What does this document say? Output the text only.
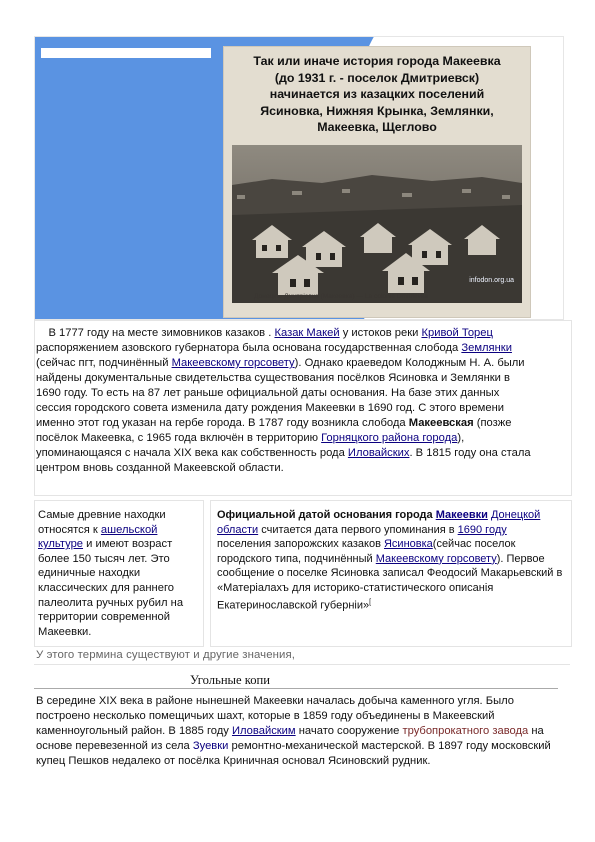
Так или иначе история города Макеевка
(до 1931 г. - поселок Дмитриевск)
начинается из казацких поселений
Ясиновка, Нижняя Крынка, Землянки,
Макеевка, Щеглово
infodon.org.ua
Донецкъ. Дмитріевка (Макеевка) — La colonie Dmitrievka
В 1777 году на месте зимовников казаков . Казак Макей у истоков реки Кривой Торец распоряжением азовского губернатора была основана государственная слобода Землянки (сейчас пгт, подчинённый Макеевскому горсовету). Однако краеведом Колоджным Н. А. были найдены документальные свидетельства существования посёлков Ясиновка и Землянки в 1690 году. То есть на 87 лет раньше официальной даты основания. На базе этих данных сессия городского совета изменила дату рождения Макеевки в 1690 год. С этого времени именно этот год указан на гербе города. В 1787 году возникла слобода Макеевская (позже посёлок Макеевка, с 1965 года включён в территорию Горняцкого района города), упоминающаяся с начала XIX века как собственность рода Иловайских. В 1815 году она стала центром вновь созданной Макеевской области.
Самые древние находки относятся к ашельской культуре и имеют возраст более 150 тысяч лет. Это единичные находки классических для раннего палеолита ручных рубил на территории современной Макеевки.
Официальной датой основания города Макеевки Донецкой области считается дата первого упоминания в 1690 году поселения запорожских казаков Ясиновка(сейчас поселок городского типа, подчинённый Макеевскому горсовету). Первое сообщение о поселке Ясиновка записал Феодосий Макарьевский в «Матеріалахъ для историко-статистического описанія Екатеринославской губерніи»[
У этого термина существуют и другие значения,
Угольные копи
В середине XIX века в районе нынешней Макеевки началась добыча каменного угля. Было построено несколько помещичьих шахт, которые в 1859 году объединены в Макеевский каменноугольный район. В 1885 году Иловайским начато сооружение трубопрокатного завода на основе перевезенной из села Зуевки ремонтно-механической мастерской. В 1897 году московский купец Пешков недалеко от посёлка Криничная основал Ясиновский рудник.
